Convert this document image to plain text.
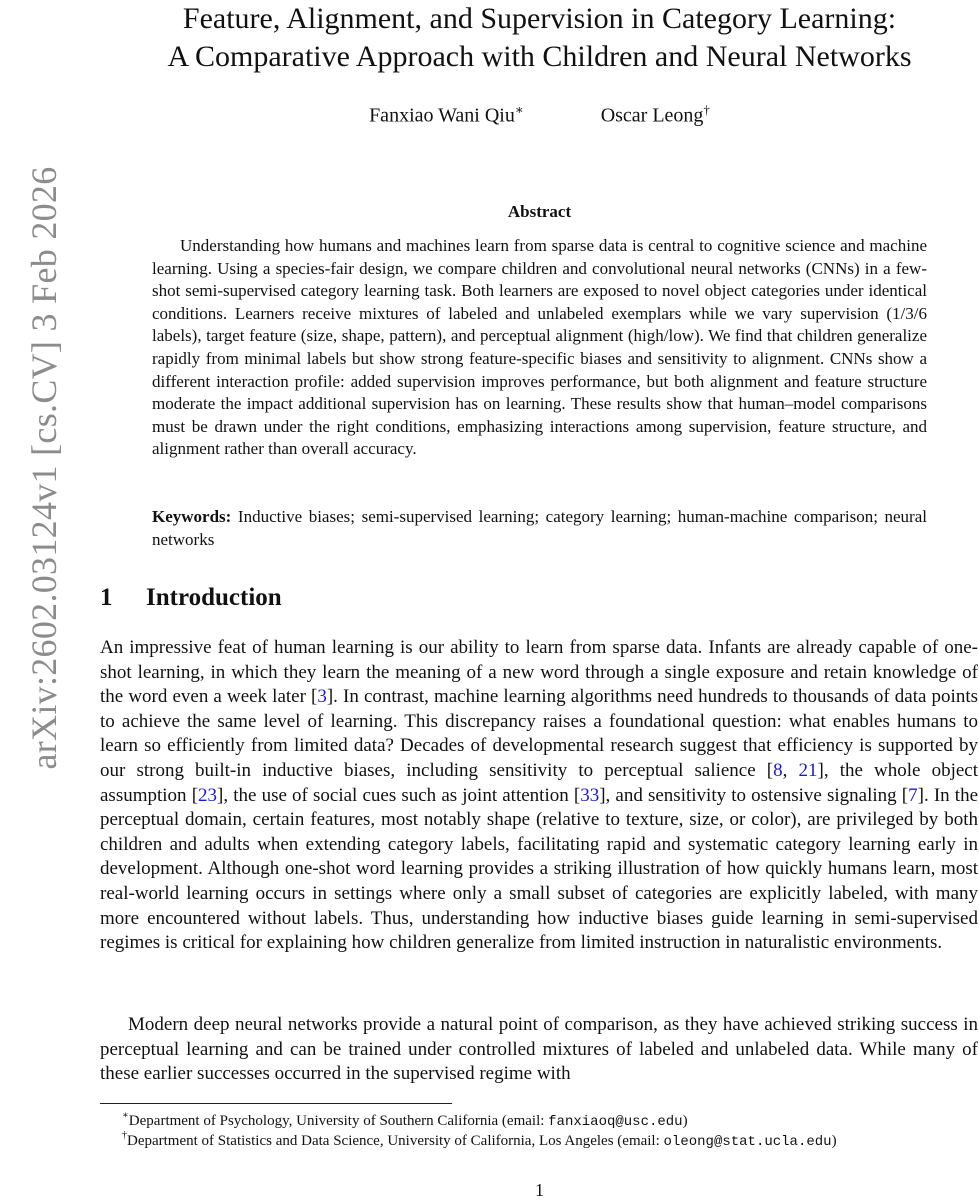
arXiv:2602.03124v1 [cs.CV] 3 Feb 2026
Feature, Alignment, and Supervision in Category Learning:
A Comparative Approach with Children and Neural Networks
Fanxiao Wani Qiu∗	Oscar Leong†
Abstract

Understanding how humans and machines learn from sparse data is central to cognitive science and machine learning. Using a species-fair design, we compare children and convolutional neural networks (CNNs) in a few-shot semi-supervised category learning task. Both learners are exposed to novel object categories under identical conditions. Learners receive mixtures of labeled and unlabeled exemplars while we vary supervision (1/3/6 labels), target feature (size, shape, pattern), and perceptual alignment (high/low). We find that children generalize rapidly from minimal labels but show strong feature-specific biases and sensitivity to alignment. CNNs show a different interaction profile: added supervision improves performance, but both alignment and feature structure moderate the impact additional supervision has on learning. These results show that human–model comparisons must be drawn under the right conditions, emphasizing interactions among supervision, feature structure, and alignment rather than overall accuracy.

Keywords: Inductive biases; semi-supervised learning; category learning; human-machine comparison; neural networks

1 Introduction

An impressive feat of human learning is our ability to learn from sparse data. Infants are already capable of one-shot learning, in which they learn the meaning of a new word through a single exposure and retain knowledge of the word even a week later [3]. In contrast, machine learning algorithms need hundreds to thousands of data points to achieve the same level of learning. This discrepancy raises a foundational question: what enables humans to learn so efficiently from limited data? Decades of developmental research suggest that efficiency is supported by our strong built-in inductive biases, including sensitivity to perceptual salience [8, 21], the whole object assumption [23], the use of social cues such as joint attention [33], and sensitivity to ostensive signaling [7]. In the perceptual domain, certain features, most notably shape (relative to texture, size, or color), are privileged by both children and adults when extending category labels, facilitating rapid and systematic category learning early in development. Although one-shot word learning provides a striking illustration of how quickly humans learn, most real-world learning occurs in settings where only a small subset of categories are explicitly labeled, with many more encountered without labels. Thus, understanding how inductive biases guide learning in semi-supervised regimes is critical for explaining how children generalize from limited instruction in naturalistic environments.

Modern deep neural networks provide a natural point of comparison, as they have achieved striking success in perceptual learning and can be trained under controlled mixtures of labeled and unlabeled data. While many of these earlier successes occurred in the supervised regime with

∗Department of Psychology, University of Southern California (email: fanxiaoq@usc.edu)
†Department of Statistics and Data Science, University of California, Los Angeles (email: oleong@stat.ucla.edu)
1
